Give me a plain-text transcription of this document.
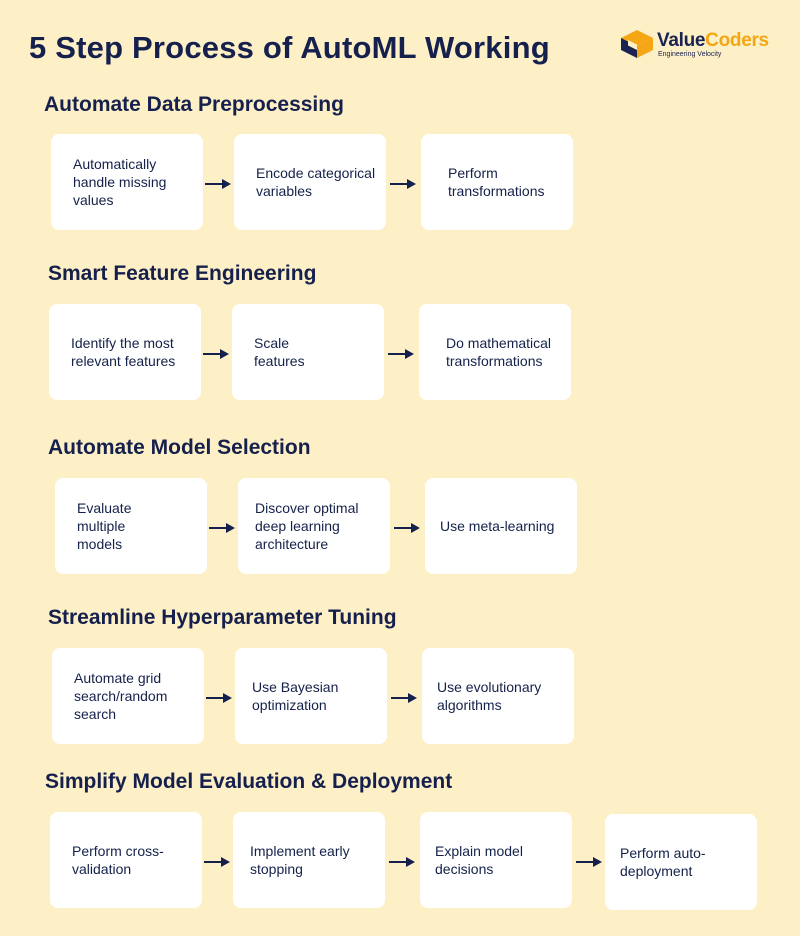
5 Step Process of AutoML Working	ValueCoders
Engineering Velocity
Automate Data Preprocessing
Automatically handle missing values
Encode categorical variables
Perform transformations
Smart Feature Engineering
Identify the most relevant features
Scale features
Do mathematical transformations
Automate Model Selection
Evaluate multiple models
Discover optimal deep learning architecture
Use meta-learning
Streamline Hyperparameter Tuning
Automate grid search/random search
Use Bayesian optimization
Use evolutionary algorithms
Simplify Model Evaluation & Deployment
Perform cross-validation
Implement early stopping
Explain model decisions
Perform auto-deployment
